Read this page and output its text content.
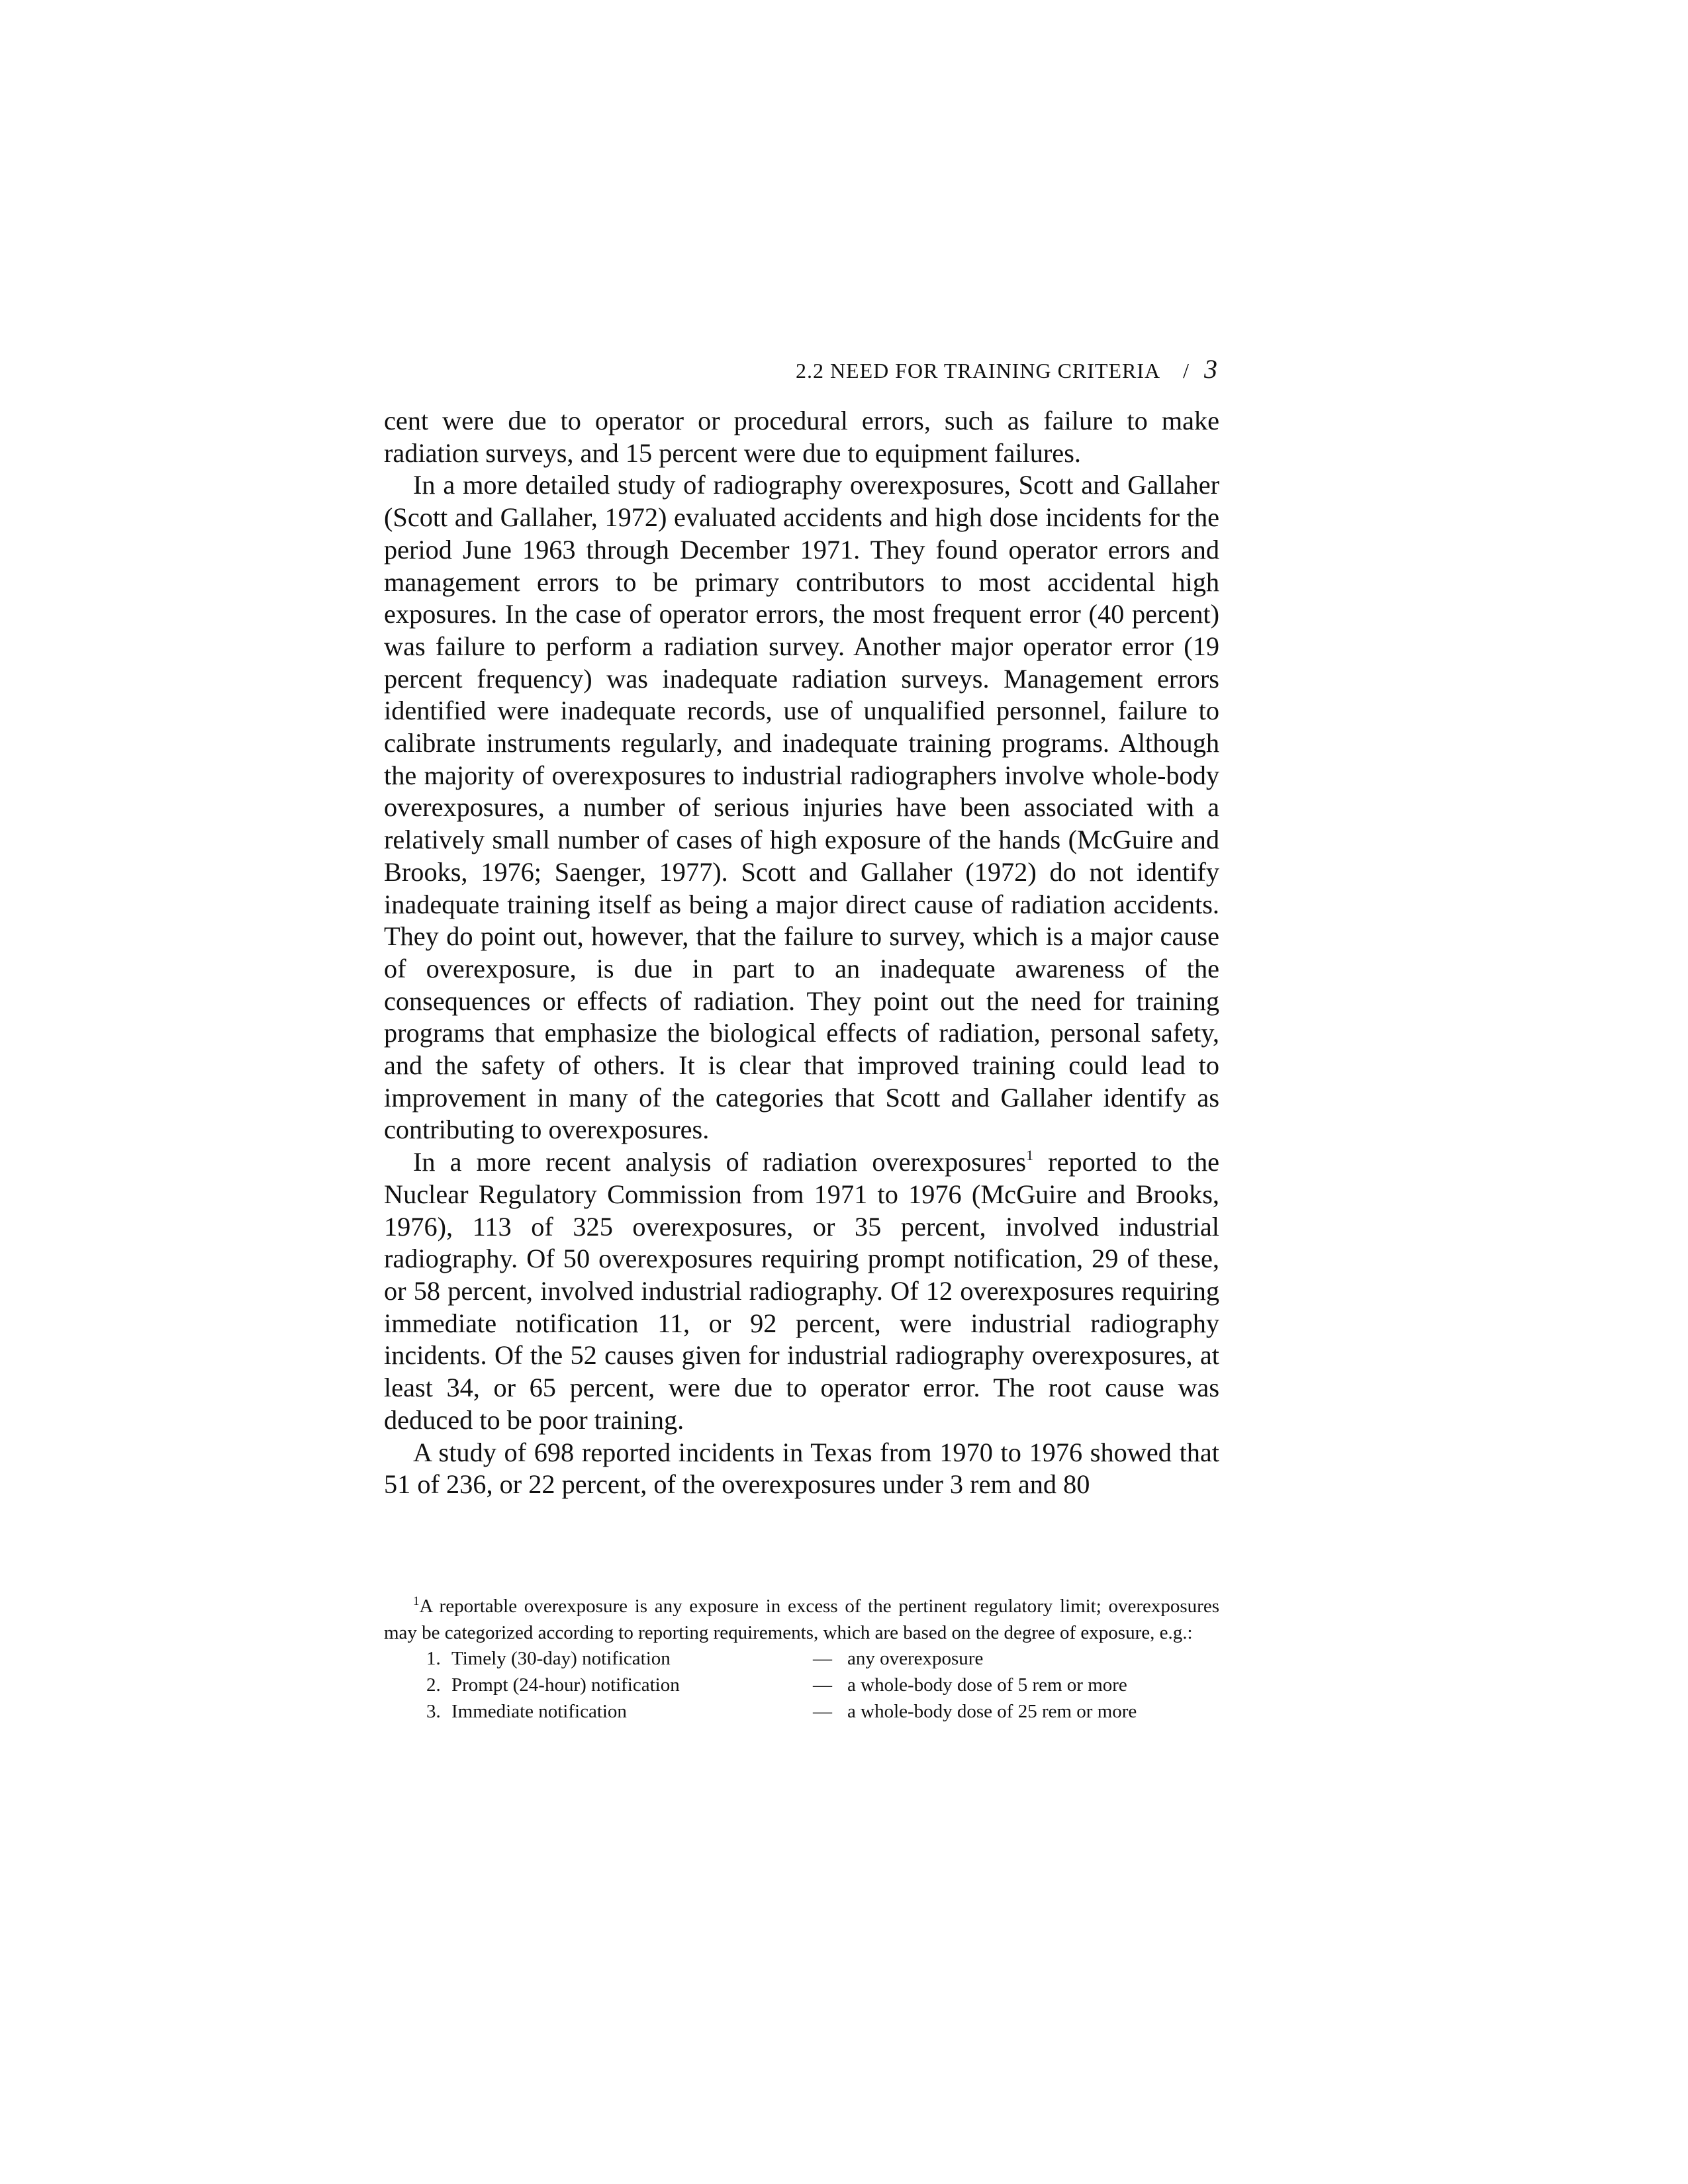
2.2 NEED FOR TRAINING CRITERIA / 3

cent were due to operator or procedural errors, such as failure to make radiation surveys, and 15 percent were due to equipment failures.

In a more detailed study of radiography overexposures, Scott and Gallaher (Scott and Gallaher, 1972) evaluated accidents and high dose incidents for the period June 1963 through December 1971. They found operator errors and management errors to be primary contributors to most accidental high exposures. In the case of operator errors, the most frequent error (40 percent) was failure to perform a radiation survey. Another major operator error (19 percent frequency) was inadequate radiation surveys. Management errors identified were inadequate records, use of unqualified personnel, failure to calibrate instruments regularly, and inadequate training programs. Although the majority of overexposures to industrial radiographers involve whole-body overexposures, a number of serious injuries have been associated with a relatively small number of cases of high exposure of the hands (McGuire and Brooks, 1976; Saenger, 1977). Scott and Gallaher (1972) do not identify inadequate training itself as being a major direct cause of radiation accidents. They do point out, however, that the failure to survey, which is a major cause of overexposure, is due in part to an inadequate awareness of the consequences or effects of radiation. They point out the need for training programs that emphasize the biological effects of radiation, personal safety, and the safety of others. It is clear that improved training could lead to improvement in many of the categories that Scott and Gallaher identify as contributing to overexposures.

In a more recent analysis of radiation overexposures$^1$ reported to the Nuclear Regulatory Commission from 1971 to 1976 (McGuire and Brooks, 1976), 113 of 325 overexposures, or 35 percent, involved industrial radiography. Of 50 overexposures requiring prompt notification, 29 of these, or 58 percent, involved industrial radiography. Of 12 overexposures requiring immediate notification 11, or 92 percent, were industrial radiography incidents. Of the 52 causes given for industrial radiography overexposures, at least 34, or 65 percent, were due to operator error. The root cause was deduced to be poor training.

A study of 698 reported incidents in Texas from 1970 to 1976 showed that 51 of 236, or 22 percent, of the overexposures under 3 rem and 80

$^1$A reportable overexposure is any exposure in excess of the pertinent regulatory limit; overexposures may be categorized according to reporting requirements, which are based on the degree of exposure, e.g.:

1. Timely (30-day) notification	— any overexposure
2. Prompt (24-hour) notification	— a whole-body dose of 5 rem or more
3. Immediate notification	— a whole-body dose of 25 rem or more
